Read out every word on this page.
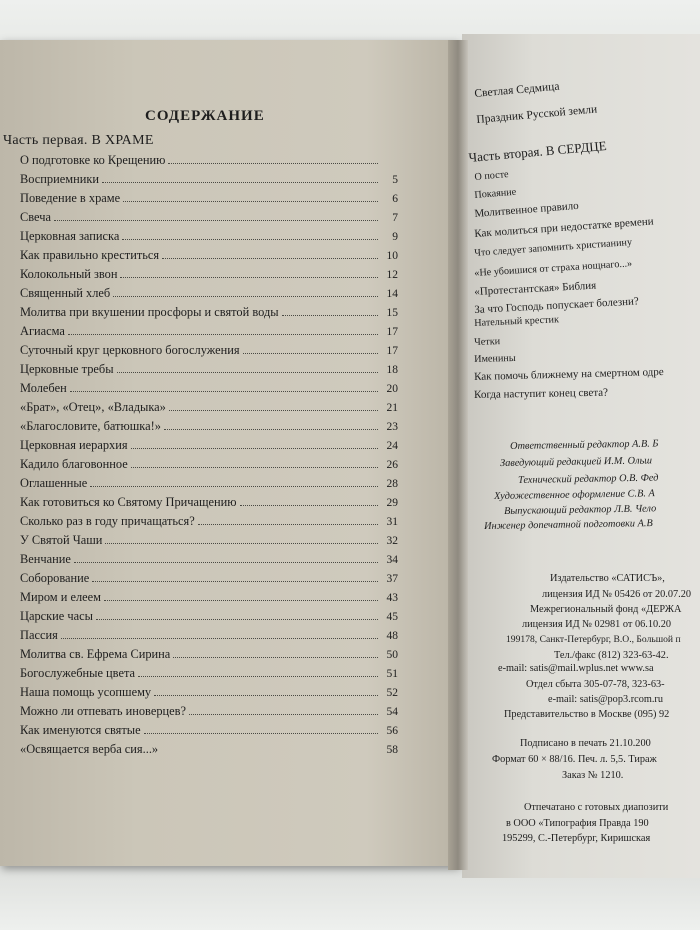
СОДЕРЖАНИЕ
Часть первая. В ХРАМЕ
О подготовке ко Крещению
Восприемники	5
Поведение в храме	6
Свеча	7
Церковная записка	9
Как правильно креститься	10
Колокольный звон	12
Священный хлеб	14
Молитва при вкушении просфоры и святой воды	15
Агиасма	17
Суточный круг церковного богослужения	17
Церковные требы	18
Молебен	20
«Брат», «Отец», «Владыка»	21
«Благословите, батюшка!»	23
Церковная иерархия	24
Кадило благовонное	26
Оглашенные	28
Как готовиться ко Святому Причащению	29
Сколько раз в году причащаться?	31
У Святой Чаши	32
Венчание	34
Соборование	37
Миром и елеем	43
Царские часы	45
Пассия	48
Молитва св. Ефрема Сирина	50
Богослужебные цвета	51
Наша помощь усопшему	52
Можно ли отпевать иноверцев?	54
Как именуются святые	56
«Освящается верба сия...»	58
Светлая Седмица
Праздник Русской земли
Часть вторая. В СЕРДЦЕ
О посте
Покаяние
Молитвенное правило
Как молиться при недостатке времени
Что следует запомнить христианину
«Не убоишися от страха нощнаго...»
«Протестантская» Библия
За что Господь попускает болезни?
Нательный крестик
Четки
Именины
Как помочь ближнему на смертном одре
Когда наступит конец света?
Ответственный редактор А.В. Б
Заведующий редакцией И.М. Ольш
Технический редактор О.В. Фед
Художественное оформление С.В. А
Выпускающий редактор Л.В. Чело
Инженер допечатной подготовки А.В
Издательство «САТИСЪ»,
лицензия ИД № 05426 от 20.07.20
Межрегиональный фонд «ДЕРЖА
лицензия ИД № 02981 от 06.10.20
199178, Санкт-Петербург, В.О., Большой п
Тел./факс (812) 323-63-42.
e-mail: satis@mail.wplus.net www.sa
Отдел сбыта 305-07-78, 323-63-
e-mail: satis@pop3.rcom.ru
Представительство в Москве (095) 92
Подписано в печать 21.10.200
Формат 60 × 88/16. Печ. л. 5,5. Тираж
Заказ № 1210.
Отпечатано с готовых диапозити
в ООО «Типография Правда 190
195299, С.-Петербург, Киришская
